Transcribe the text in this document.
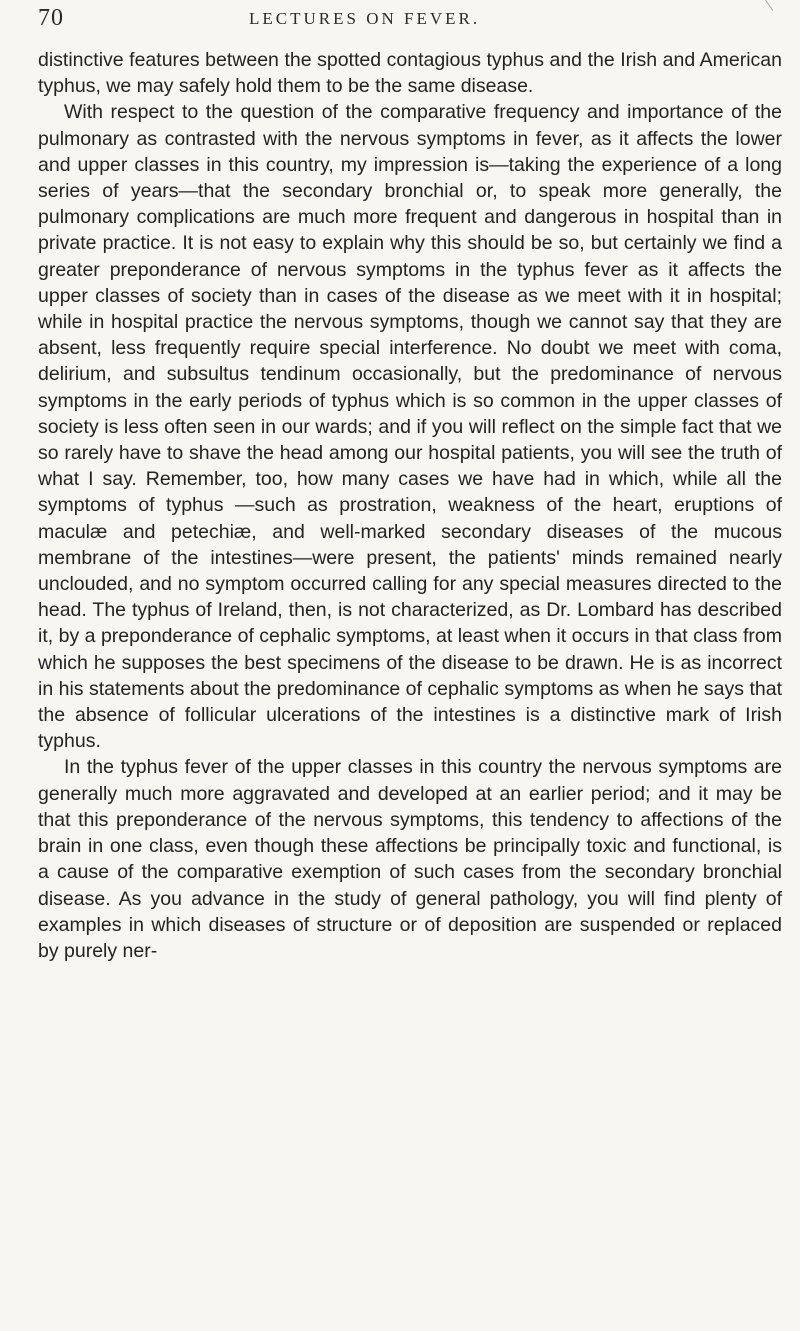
70	LECTURES ON FEVER.

distinctive features between the spotted contagious typhus and the Irish and American typhus, we may safely hold them to be the same disease.

With respect to the question of the comparative frequency and importance of the pulmonary as contrasted with the nervous symptoms in fever, as it affects the lower and upper classes in this country, my impression is—taking the experience of a long series of years—that the secondary bronchial or, to speak more generally, the pulmonary complications are much more frequent and dangerous in hospital than in private practice. It is not easy to explain why this should be so, but certainly we find a greater preponderance of nervous symptoms in the typhus fever as it affects the upper classes of society than in cases of the disease as we meet with it in hospital; while in hospital practice the nervous symptoms, though we cannot say that they are absent, less frequently require special interference. No doubt we meet with coma, delirium, and subsultus tendinum occasionally, but the predominance of nervous symptoms in the early periods of typhus which is so common in the upper classes of society is less often seen in our wards; and if you will reflect on the simple fact that we so rarely have to shave the head among our hospital patients, you will see the truth of what I say. Remember, too, how many cases we have had in which, while all the symptoms of typhus —such as prostration, weakness of the heart, eruptions of maculæ and petechiæ, and well-marked secondary diseases of the mucous membrane of the intestines—were present, the patients' minds remained nearly unclouded, and no symptom occurred calling for any special measures directed to the head. The typhus of Ireland, then, is not characterized, as Dr. Lombard has described it, by a preponderance of cephalic symptoms, at least when it occurs in that class from which he supposes the best specimens of the disease to be drawn. He is as incorrect in his statements about the predominance of cephalic symptoms as when he says that the absence of follicular ulcerations of the intestines is a distinctive mark of Irish typhus.

In the typhus fever of the upper classes in this country the nervous symptoms are generally much more aggravated and developed at an earlier period; and it may be that this preponderance of the nervous symptoms, this tendency to affections of the brain in one class, even though these affections be principally toxic and functional, is a cause of the comparative exemption of such cases from the secondary bronchial disease. As you advance in the study of general pathology, you will find plenty of examples in which diseases of structure or of deposition are suspended or replaced by purely ner-
